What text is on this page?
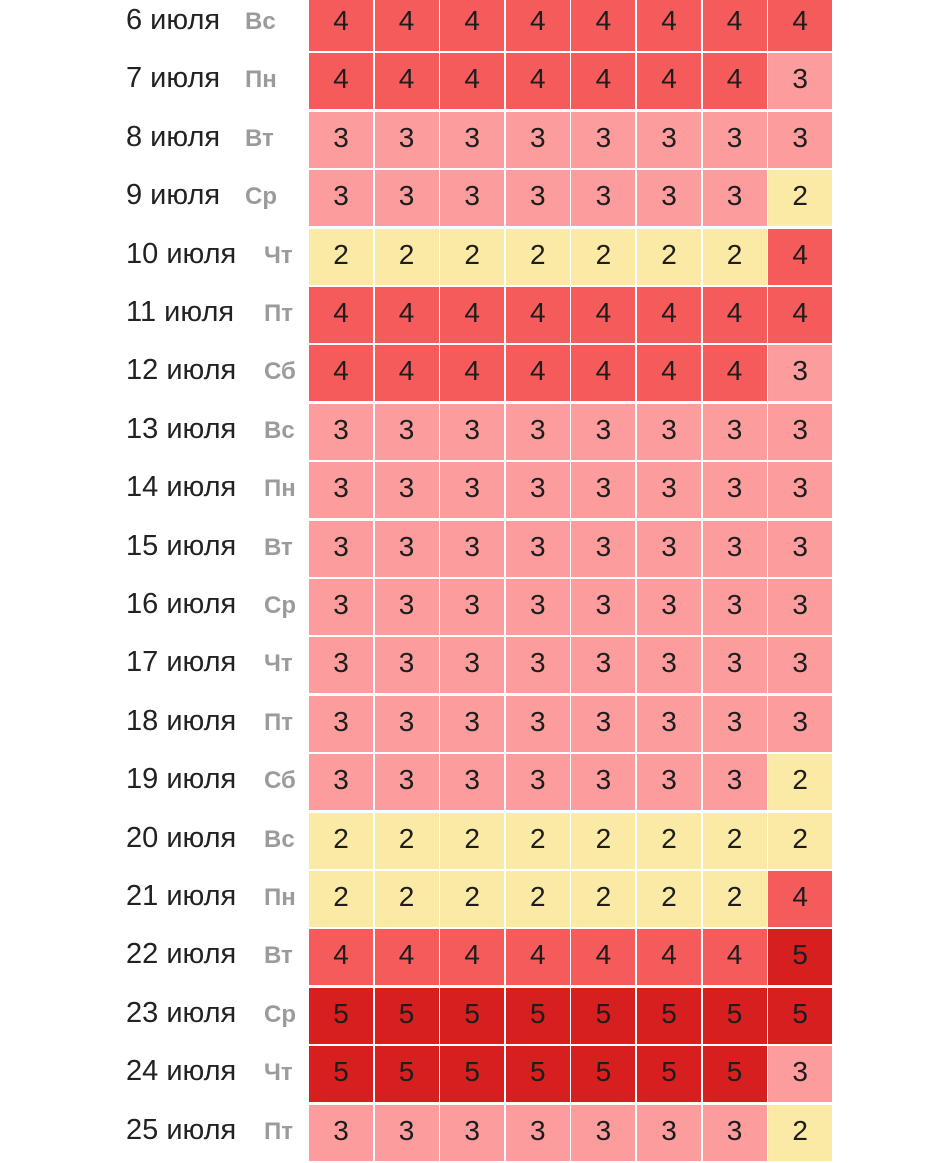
6 июля Вс	4	4	4	4	4	4	4	4
7 июля Пн	4	4	4	4	4	4	4	3
8 июля Вт	3	3	3	3	3	3	3	3
9 июля Ср	3	3	3	3	3	3	3	2
10 июля Чт	2	2	2	2	2	2	2	4
11 июля Пт	4	4	4	4	4	4	4	4
12 июля Сб	4	4	4	4	4	4	4	3
13 июля Вс	3	3	3	3	3	3	3	3
14 июля Пн	3	3	3	3	3	3	3	3
15 июля Вт	3	3	3	3	3	3	3	3
16 июля Ср	3	3	3	3	3	3	3	3
17 июля Чт	3	3	3	3	3	3	3	3
18 июля Пт	3	3	3	3	3	3	3	3
19 июля Сб	3	3	3	3	3	3	3	2
20 июля Вс	2	2	2	2	2	2	2	2
21 июля Пн	2	2	2	2	2	2	2	4
22 июля Вт	4	4	4	4	4	4	4	5
23 июля Ср	5	5	5	5	5	5	5	5
24 июля Чт	5	5	5	5	5	5	5	3
25 июля Пт	3	3	3	3	3	3	3	2
